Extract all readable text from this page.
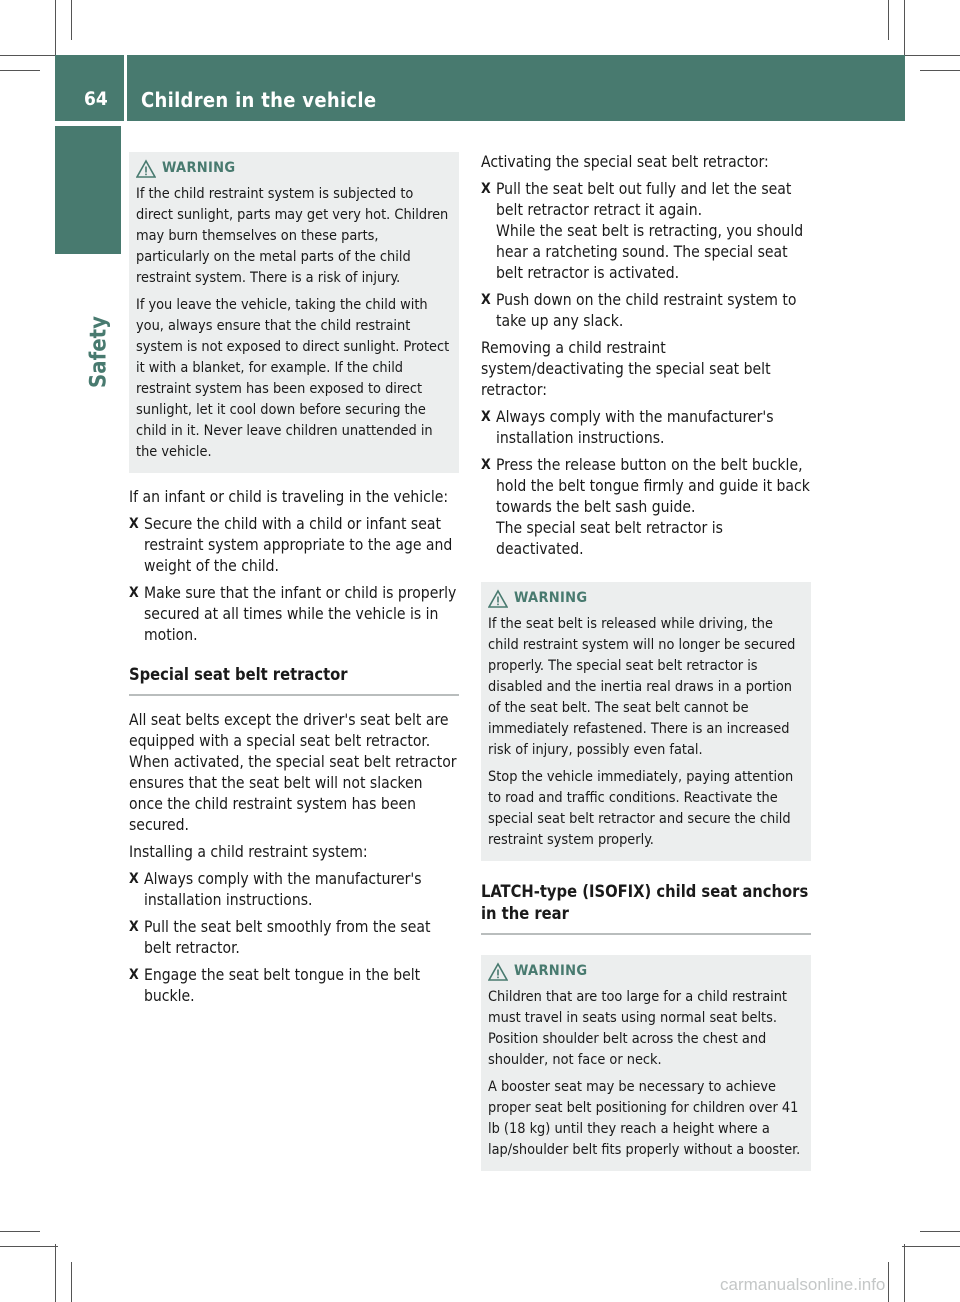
64 Children in the vehicle
Safety
WARNING

If the child restraint system is subjected to direct sunlight, parts may get very hot. Children may burn themselves on these parts, particularly on the metal parts of the child restraint system. There is a risk of injury.

If you leave the vehicle, taking the child with you, always ensure that the child restraint system is not exposed to direct sunlight. Protect it with a blanket, for example. If the child restraint system has been exposed to direct sunlight, let it cool down before securing the child in it. Never leave children unattended in the vehicle.

If an infant or child is traveling in the vehicle:

X Secure the child with a child or infant seat restraint system appropriate to the age and weight of the child.
X Make sure that the infant or child is properly secured at all times while the vehicle is in motion.
Special seat belt retractor

All seat belts except the driver's seat belt are equipped with a special seat belt retractor. When activated, the special seat belt retractor ensures that the seat belt will not slacken once the child restraint system has been secured.

Installing a child restraint system:

X Always comply with the manufacturer's installation instructions.
X Pull the seat belt smoothly from the seat belt retractor.
X Engage the seat belt tongue in the belt buckle.

Activating the special seat belt retractor:

X Pull the seat belt out fully and let the seat belt retractor retract it again.
While the seat belt is retracting, you should hear a ratcheting sound. The special seat belt retractor is activated.
X Push down on the child restraint system to take up any slack.

Removing a child restraint system/deactivating the special seat belt retractor:

X Always comply with the manufacturer's installation instructions.
X Press the release button on the belt buckle, hold the belt tongue firmly and guide it back towards the belt sash guide.
The special seat belt retractor is deactivated.
WARNING

If the seat belt is released while driving, the child restraint system will no longer be secured properly. The special seat belt retractor is disabled and the inertia real draws in a portion of the seat belt. The seat belt cannot be immediately refastened. There is an increased risk of injury, possibly even fatal.

Stop the vehicle immediately, paying attention to road and traffic conditions. Reactivate the special seat belt retractor and secure the child restraint system properly.

LATCH-type (ISOFIX) child seat anchors in the rear
WARNING

Children that are too large for a child restraint must travel in seats using normal seat belts. Position shoulder belt across the chest and shoulder, not face or neck.

A booster seat may be necessary to achieve proper seat belt positioning for children over 41 lb (18 kg) until they reach a height where a lap/shoulder belt fits properly without a booster.

carmanualsonline.info
